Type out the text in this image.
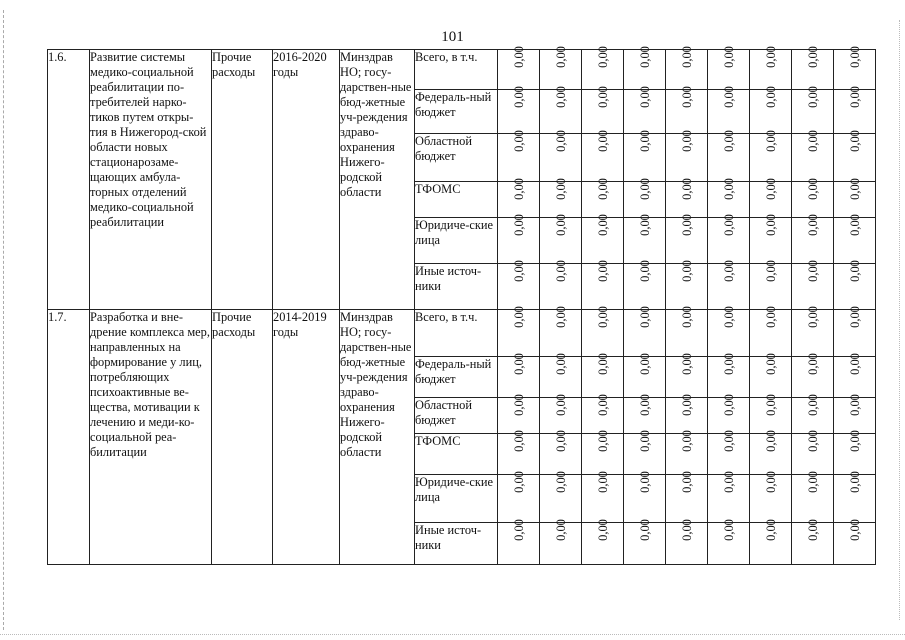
101
1.6.	Развитие системы медико-социальной реабилитации по-требителей нарко-тиков путем откры-тия в Нижегород-ской области новых стационарозаме-щающих амбула-торных отделений медико-социальной реабилитации	Прочие расходы	2016-2020 годы	Минздрав НО; госу-дарствен-ные бюд-жетные уч-реждения здраво-охранения Нижего-родской области	Всего, в т.ч.	0,00	0,00	0,00	0,00	0,00	0,00	0,00	0,00	0,00
					Федераль-ный бюджет	0,00	0,00	0,00	0,00	0,00	0,00	0,00	0,00	0,00
					Областной бюджет	0,00	0,00	0,00	0,00	0,00	0,00	0,00	0,00	0,00
					ТФОМС	0,00	0,00	0,00	0,00	0,00	0,00	0,00	0,00	0,00
					Юридиче-ские лица	0,00	0,00	0,00	0,00	0,00	0,00	0,00	0,00	0,00
					Иные источ-ники	0,00	0,00	0,00	0,00	0,00	0,00	0,00	0,00	0,00
1.7.	Разработка и вне-дрение комплекса мер, направленных на формирование у лиц, потребляющих психоактивные ве-щества, мотивации к лечению и меди-ко-социальной реа-билитации	Прочие расходы	2014-2019 годы	Минздрав НО; госу-дарствен-ные бюд-жетные уч-реждения здраво-охранения Нижего-родской области	Всего, в т.ч.	0,00	0,00	0,00	0,00	0,00	0,00	0,00	0,00	0,00
					Федераль-ный бюджет	0,00	0,00	0,00	0,00	0,00	0,00	0,00	0,00	0,00
					Областной бюджет	0,00	0,00	0,00	0,00	0,00	0,00	0,00	0,00	0,00
					ТФОМС	0,00	0,00	0,00	0,00	0,00	0,00	0,00	0,00	0,00
					Юридиче-ские лица	0,00	0,00	0,00	0,00	0,00	0,00	0,00	0,00	0,00
					Иные источ-ники	0,00	0,00	0,00	0,00	0,00	0,00	0,00	0,00	0,00
